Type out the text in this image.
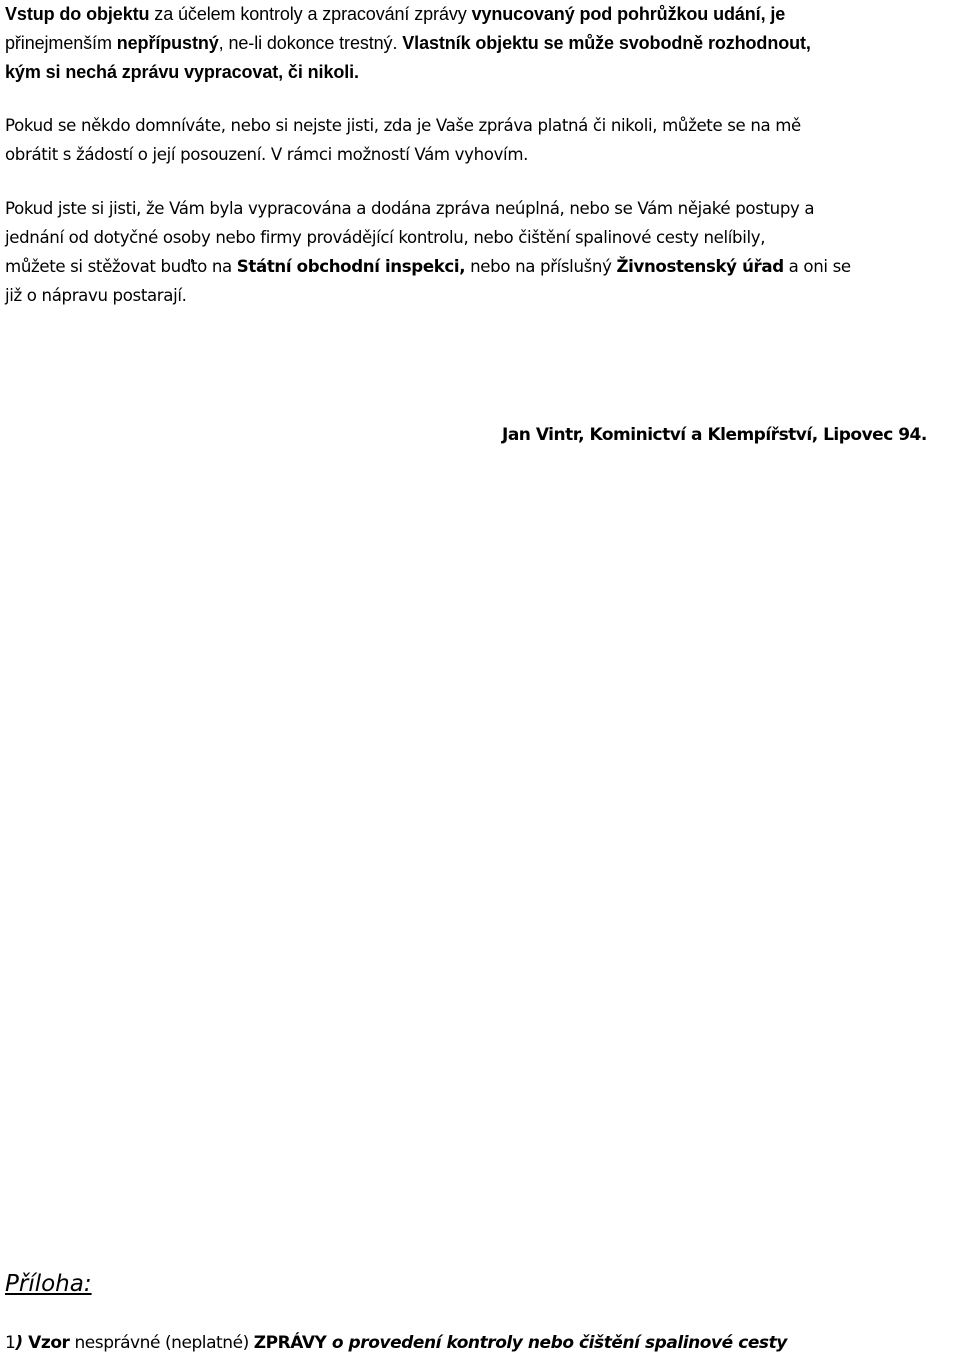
Vstup do objektu za účelem kontroly a zpracování zprávy vynucovaný pod pohrůžkou udání, je
přinejmenším nepřípustný, ne-li dokonce trestný. Vlastník objektu se může svobodně rozhodnout,
kým si nechá zprávu vypracovat, či nikoli.

Pokud se někdo domníváte, nebo si nejste jisti, zda je Vaše zpráva platná či nikoli, můžete se na mě
obrátit s žádostí o její posouzení. V rámci možností Vám vyhovím.

Pokud jste si jisti, že Vám byla vypracována a dodána zpráva neúplná, nebo se Vám nějaké postupy a
jednání od dotyčné osoby nebo firmy provádějící kontrolu, nebo čištění spalinové cesty nelíbily,
můžete si stěžovat buďto na Státní obchodní inspekci, nebo na příslušný Živnostenský úřad a oni se
již o nápravu postarají.

Jan Vintr, Kominictví a Klempířství, Lipovec 94.

Příloha:

1) Vzor nesprávné (neplatné) ZPRÁVY o provedení kontroly nebo čištění spalinové cesty
